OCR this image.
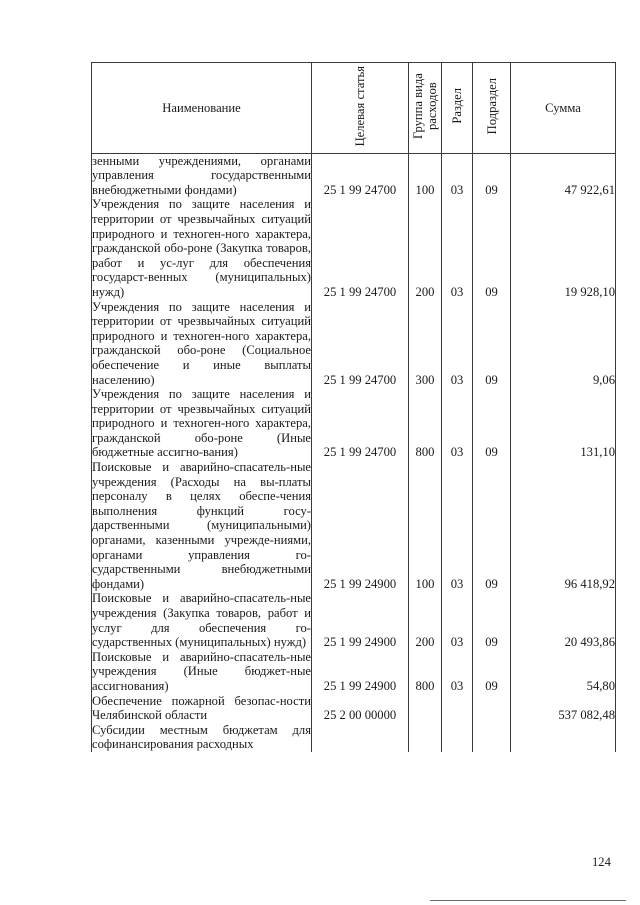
Наименование	Целевая статья	Группа вида расходов	Раздел	Подраздел	Сумма
зенными учреждениями, органами управления государственными внебюджетными фондами)	25 1 99 24700	100	03	09	47 922,61
Учреждения по защите населения и территории от чрезвычайных ситуаций природного и техноген-ного характера, гражданской обо-роне (Закупка товаров, работ и ус-луг для обеспечения государст-венных (муниципальных) нужд)	25 1 99 24700	200	03	09	19 928,10
Учреждения по защите населения и территории от чрезвычайных ситуаций природного и техноген-ного характера, гражданской обо-роне (Социальное обеспечение и иные выплаты населению)	25 1 99 24700	300	03	09	9,06
Учреждения по защите населения и территории от чрезвычайных ситуаций природного и техноген-ного характера, гражданской обо-роне (Иные бюджетные ассигно-вания)	25 1 99 24700	800	03	09	131,10
Поисковые и аварийно-спасатель-ные учреждения (Расходы на вы-платы персоналу в целях обеспе-чения выполнения функций госу-дарственными (муниципальными) органами, казенными учрежде-ниями, органами управления го-сударственными внебюджетными фондами)	25 1 99 24900	100	03	09	96 418,92
Поисковые и аварийно-спасатель-ные учреждения (Закупка товаров, работ и услуг для обеспечения го-сударственных (муниципальных) нужд)	25 1 99 24900	200	03	09	20 493,86
Поисковые и аварийно-спасатель-ные учреждения (Иные бюджет-ные ассигнования)	25 1 99 24900	800	03	09	54,80
Обеспечение пожарной безопас-ности Челябинской области	25 2 00 00000				537 082,48
Субсидии местным бюджетам для софинансирования расходных					
124
